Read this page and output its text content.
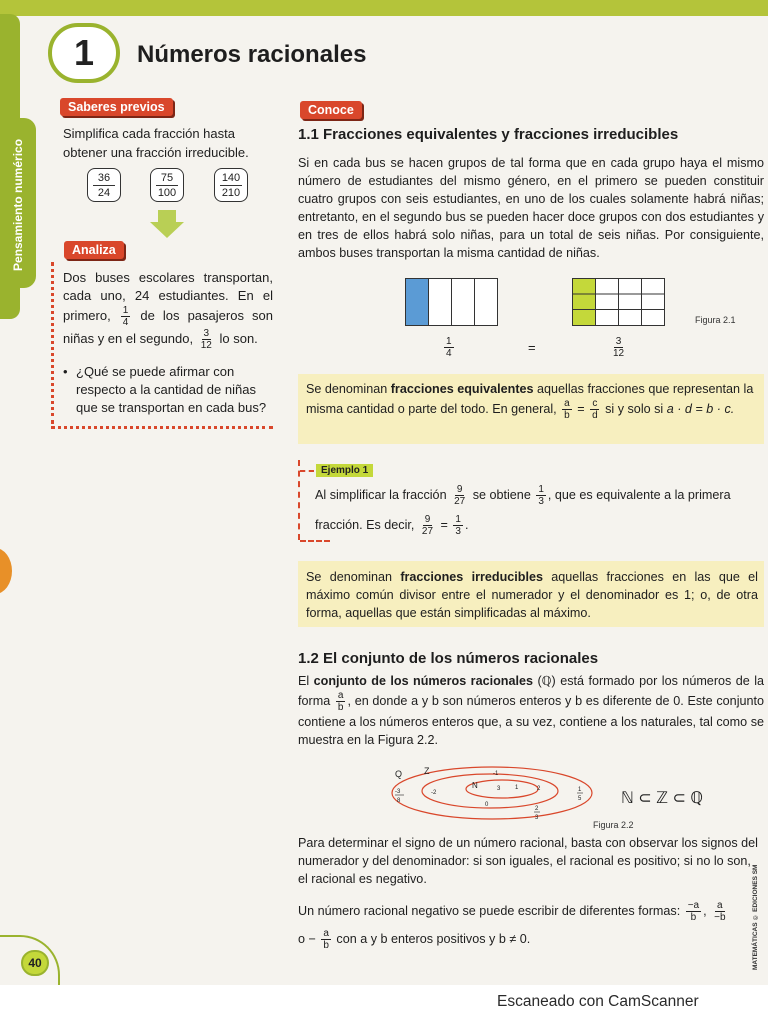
Pensamiento numérico
1	Números racionales
Saberes previos
Simplifica cada fracción hasta obtener una fracción irreducible.
36
24
75
100
140
210
Analiza
Dos buses escolares transportan, cada uno, 24 estudiantes. En el primero, $\frac{1}{4}$ de los pasajeros son niñas y en el segundo, $\frac{3}{12}$ lo son.
• ¿Qué se puede afirmar con respecto a la cantidad de niñas que se transportan en cada bus?
Conoce
1.1 Fracciones equivalentes y fracciones irreducibles
Si en cada bus se hacen grupos de tal forma que en cada grupo haya el mismo número de estudiantes del mismo género, en el primero se pueden constituir cuatro grupos con seis estudiantes, en uno de los cuales solamente habrá niñas; entretanto, en el segundo bus se pueden hacer doce grupos con dos estudiantes y en tres de ellos habrá solo niñas, para un total de seis niñas. Por consiguiente, ambos buses transportan la misma cantidad de niñas.
Figura 2.1
$\frac{1}{4}$	=	$\frac{3}{12}$
Se denominan fracciones equivalentes aquellas fracciones que representan la misma cantidad o parte del todo. En general, $\frac{a}{b} = \frac{c}{d}$ si y solo si a · d = b · c.
Ejemplo 1
Al simplificar la fracción $\frac{9}{27}$ se obtiene $\frac{1}{3}$ , que es equivalente a la primera
fracción. Es decir, $\frac{9}{27} = \frac{1}{3}$ .
Se denominan fracciones irreducibles aquellas fracciones en las que el máximo común divisor entre el numerador y el denominador es 1; o, de otra forma, aquellas que están simplificadas al máximo.
1.2 El conjunto de los números racionales
El conjunto de los números racionales (ℚ) está formado por los números de la forma $\frac{a}{b}$ , en donde a y b son números enteros y b es diferente de 0. Este conjunto contiene a los números enteros que, a su vez, contiene a los naturales, tal como se muestra en la Figura 2.2.
Q Z
N
-3
8
-2
-1
1	2
3
0
1
5
2
3
ℕ ⊂ ℤ ⊂ ℚ
Figura 2.2
Para determinar el signo de un número racional, basta con observar los signos del numerador y del denominador: si son iguales, el racional es positivo; si no lo son, el racional es negativo.
Un número racional negativo se puede escribir de diferentes formas: $\frac{-a}{b}$ , $\frac{a}{-b}$
$o - \frac{a}{b}$ con a y b enteros positivos y b ≠ 0.	MATEMÁTICAS © EDICIONES SM
40
Escaneado con CamScanner
